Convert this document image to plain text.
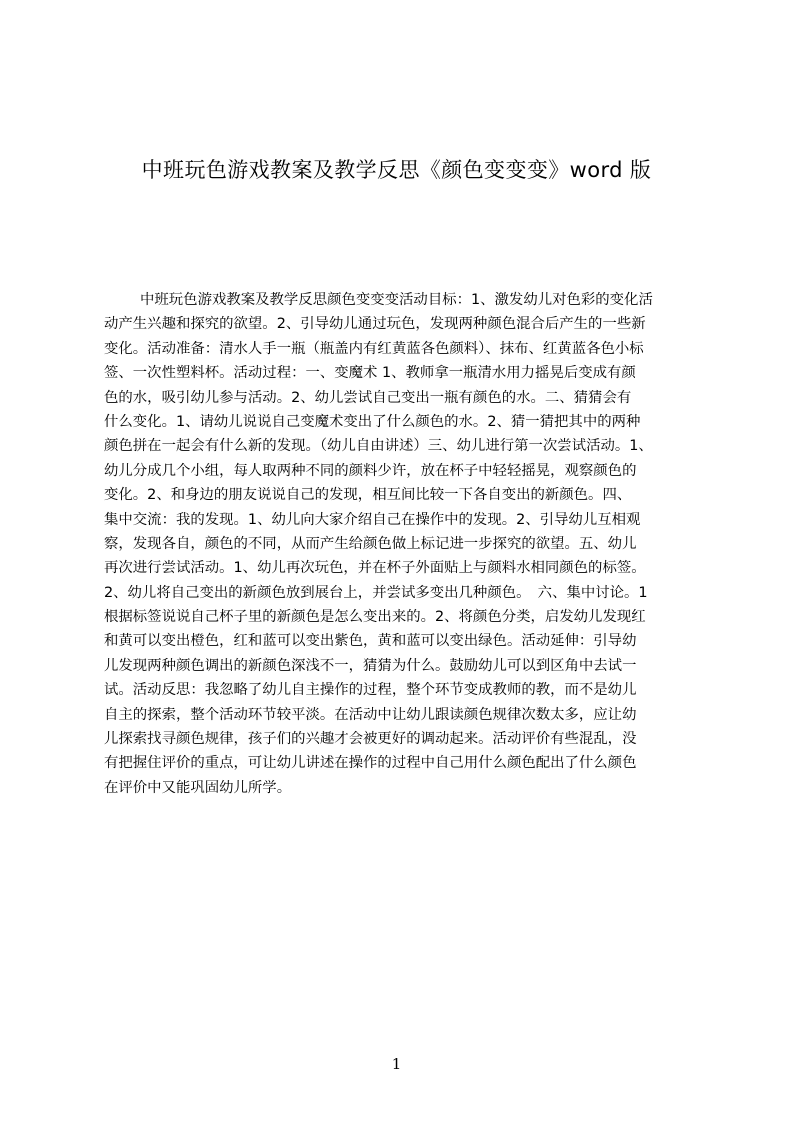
中班玩色游戏教案及教学反思《颜色变变变》word 版
中班玩色游戏教案及教学反思颜色变变变活动目标：1、激发幼儿对色彩的变化活
动产生兴趣和探究的欲望。2、引导幼儿通过玩色，发现两种颜色混合后产生的一些新
变化。活动准备：清水人手一瓶（瓶盖内有红黄蓝各色颜料）、抹布、红黄蓝各色小标
签、一次性塑料杯。活动过程：一、变魔术 1、教师拿一瓶清水用力摇晃后变成有颜
色的水，吸引幼儿参与活动。2、幼儿尝试自己变出一瓶有颜色的水。二、猜猜会有
什么变化。1、请幼儿说说自己变魔术变出了什么颜色的水。2、猜一猜把其中的两种
颜色拼在一起会有什么新的发现。（幼儿自由讲述）三、幼儿进行第一次尝试活动。1、
幼儿分成几个小组，每人取两种不同的颜料少许，放在杯子中轻轻摇晃，观察颜色的
变化。2、和身边的朋友说说自己的发现，相互间比较一下各自变出的新颜色。四、
集中交流：我的发现。1、幼儿向大家介绍自己在操作中的发现。2、引导幼儿互相观
察，发现各自，颜色的不同，从而产生给颜色做上标记进一步探究的欲望。五、幼儿
再次进行尝试活动。1、幼儿再次玩色，并在杯子外面贴上与颜料水相同颜色的标签。
2、幼儿将自己变出的新颜色放到展台上，并尝试多变出几种颜色。　六、集中讨论。1
根据标签说说自己杯子里的新颜色是怎么变出来的。2、将颜色分类，启发幼儿发现红
和黄可以变出橙色，红和蓝可以变出紫色，黄和蓝可以变出绿色。活动延伸：引导幼
儿发现两种颜色调出的新颜色深浅不一，猜猜为什么。鼓励幼儿可以到区角中去试一
试。活动反思：我忽略了幼儿自主操作的过程，整个环节变成教师的教，而不是幼儿
自主的探索，整个活动环节较平淡。在活动中让幼儿跟读颜色规律次数太多，应让幼
儿探索找寻颜色规律，孩子们的兴趣才会被更好的调动起来。活动评价有些混乱，没
有把握住评价的重点，可让幼儿讲述在操作的过程中自己用什么颜色配出了什么颜色
在评价中又能巩固幼儿所学。
1
